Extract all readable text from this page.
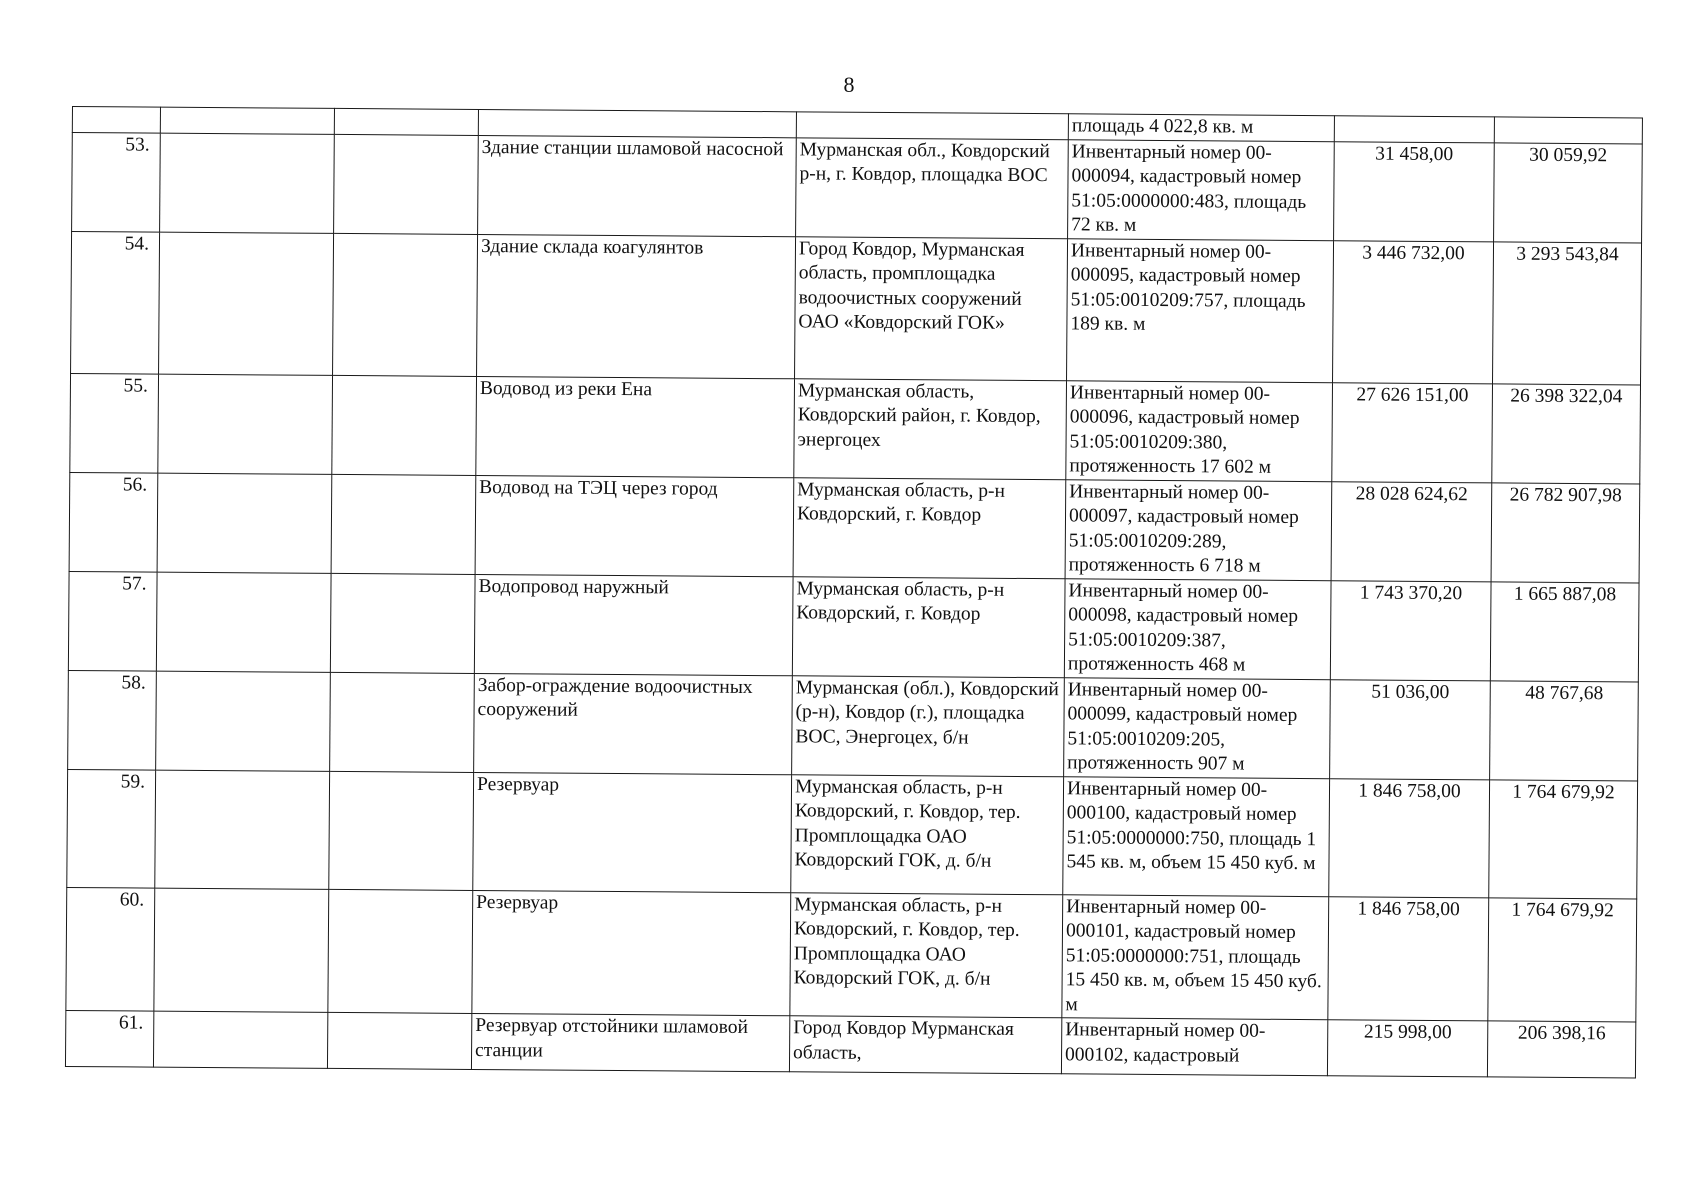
8

					площадь 4 022,8 кв. м		

53.			Здание станции шламовой насосной	Мурманская обл., Ковдорский р-н, г. Ковдор, площадка ВОС	Инвентарный номер 00-000094, кадастровый номер 51:05:0000000:483, площадь 72 кв. м	31 458,00	30 059,92
54.			Здание склада коагулянтов	Город Ковдор, Мурманская область, промплощадка водоочистных сооружений ОАО «Ковдорский ГОК»	Инвентарный номер 00-000095, кадастровый номер 51:05:0010209:757, площадь 189 кв. м	3 446 732,00	3 293 543,84
55.			Водовод из реки Ена	Мурманская область, Ковдорский район, г. Ковдор, энергоцех	Инвентарный номер 00-000096, кадастровый номер 51:05:0010209:380, протяженность 17 602 м	27 626 151,00	26 398 322,04
56.			Водовод на ТЭЦ через город	Мурманская область, р-н Ковдорский, г. Ковдор	Инвентарный номер 00-000097, кадастровый номер 51:05:0010209:289, протяженность 6 718 м	28 028 624,62	26 782 907,98
57.			Водопровод наружный	Мурманская область, р-н Ковдорский, г. Ковдор	Инвентарный номер 00-000098, кадастровый номер 51:05:0010209:387, протяженность 468 м	1 743 370,20	1 665 887,08
58.			Забор-ограждение водоочистных сооружений	Мурманская (обл.), Ковдорский (р-н), Ковдор (г.), площадка ВОС, Энергоцех, б/н	Инвентарный номер 00-000099, кадастровый номер 51:05:0010209:205, протяженность 907 м	51 036,00	48 767,68
59.			Резервуар	Мурманская область, р-н Ковдорский, г. Ковдор, тер. Промплощадка ОАО Ковдорский ГОК, д. б/н	Инвентарный номер 00-000100, кадастровый номер 51:05:0000000:750, площадь 1 545 кв. м, объем 15 450 куб. м	1 846 758,00	1 764 679,92
60.			Резервуар	Мурманская область, р-н Ковдорский, г. Ковдор, тер. Промплощадка ОАО Ковдорский ГОК, д. б/н	Инвентарный номер 00-000101, кадастровый номер 51:05:0000000:751, площадь 15 450 кв. м, объем 15 450 куб. м	1 846 758,00	1 764 679,92
61.			Резервуар отстойники шламовой станции	Город Ковдор Мурманская область,	Инвентарный номер 00-000102, кадастровый	215 998,00	206 398,16
